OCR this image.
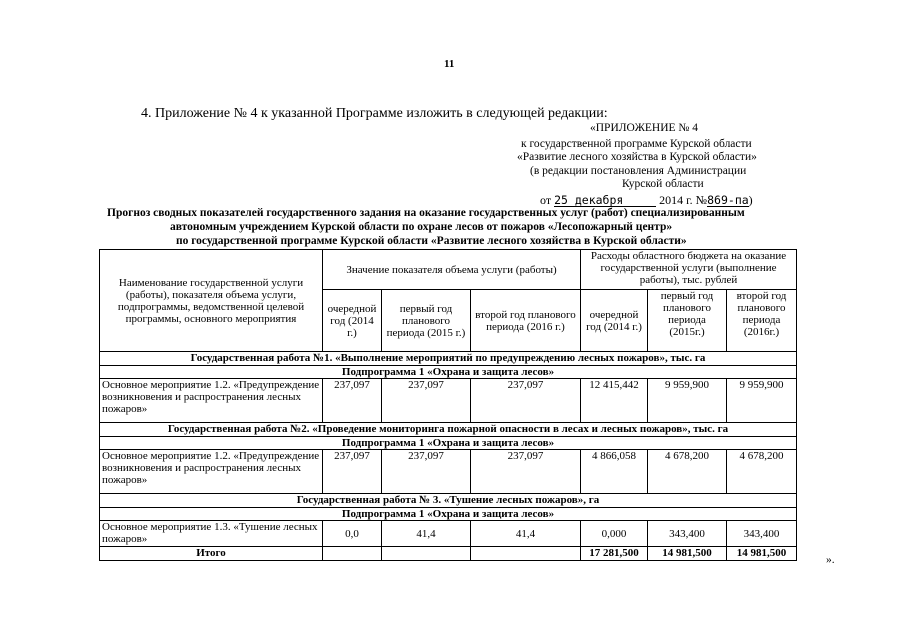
11
4. Приложение № 4 к указанной Программе изложить в следующей редакции:
«ПРИЛОЖЕНИЕ № 4
к государственной программе Курской области
«Развитие лесного хозяйства в Курской области»
(в редакции постановления Администрации
Курской области
от 25 декабря	2014 г. №869-па)
Прогноз сводных показателей государственного задания на оказание государственных услуг (работ) специализированным
автономным учреждением Курской области по охране лесов от пожаров «Лесопожарный центр»
по государственной программе Курской области «Развитие лесного хозяйства в Курской области»
Наименование государственной услуги (работы), показателя объема услуги, подпрограммы, ведомственной целевой программы, основного мероприятия	Значение показателя объема услуги (работы)			Расходы областного бюджета на оказание государственной услуги (выполнение работы), тыс. рублей		
	очередной год (2014 г.)	первый год планового периода (2015 г.)	второй год планового периода (2016 г.)	очередной год (2014 г.)	первый год планового периода (2015г.)	второй год планового периода (2016г.)
Государственная работа №1. «Выполнение мероприятий по предупреждению лесных пожаров», тыс. га						
Подпрограмма 1 «Охрана и защита лесов»						
Основное мероприятие 1.2. «Предупреждение возникновения и распространения лесных пожаров»	237,097	237,097	237,097	12 415,442	9 959,900	9 959,900
Государственная работа №2. «Проведение мониторинга пожарной опасности в лесах и лесных пожаров», тыс. га						
Подпрограмма 1 «Охрана и защита лесов»						
Основное мероприятие 1.2. «Предупреждение возникновения и распространения лесных пожаров»	237,097	237,097	237,097	4 866,058	4 678,200	4 678,200
Государственная работа № 3. «Тушение лесных пожаров», га						
Подпрограмма 1 «Охрана и защита лесов»						
Основное мероприятие 1.3. «Тушение лесных пожаров»	0,0	41,4	41,4	0,000	343,400	343,400
Итого				17 281,500	14 981,500	14 981,500
».
